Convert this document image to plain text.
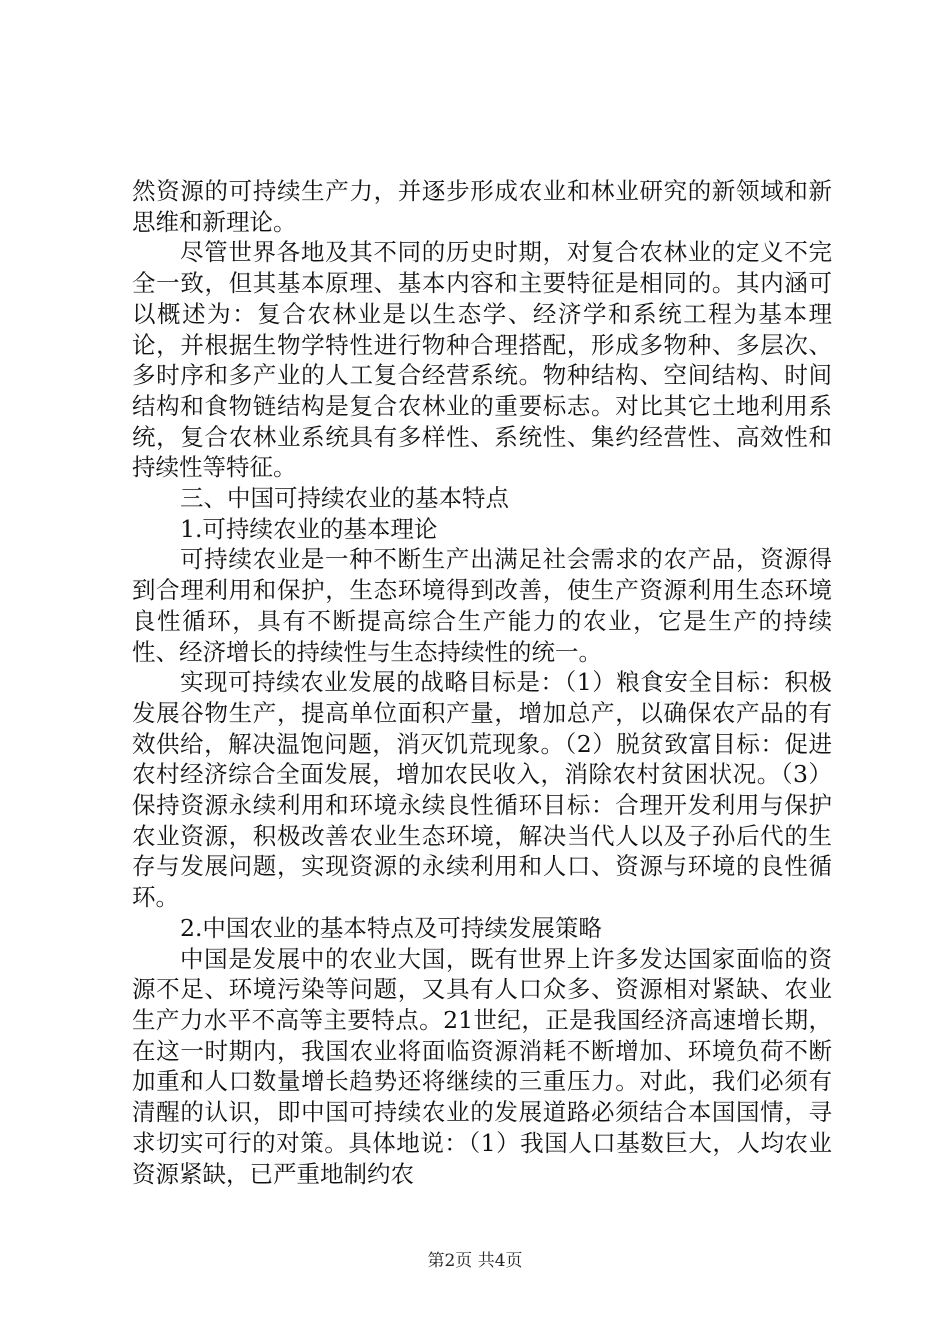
然资源的可持续生产力，并逐步形成农业和林业研究的新领域和新思维和新理论。

尽管世界各地及其不同的历史时期，对复合农林业的定义不完全一致，但其基本原理、基本内容和主要特征是相同的。其内涵可以概述为：复合农林业是以生态学、经济学和系统工程为基本理论，并根据生物学特性进行物种合理搭配，形成多物种、多层次、多时序和多产业的人工复合经营系统。物种结构、空间结构、时间结构和食物链结构是复合农林业的重要标志。对比其它土地利用系统，复合农林业系统具有多样性、系统性、集约经营性、高效性和持续性等特征。

三、中国可持续农业的基本特点

1.可持续农业的基本理论

可持续农业是一种不断生产出满足社会需求的农产品，资源得到合理利用和保护，生态环境得到改善，使生产资源利用生态环境良性循环，具有不断提高综合生产能力的农业，它是生产的持续性、经济增长的持续性与生态持续性的统一。

实现可持续农业发展的战略目标是：（1）粮食安全目标：积极发展谷物生产，提高单位面积产量，增加总产，以确保农产品的有效供给，解决温饱问题，消灭饥荒现象。（2）脱贫致富目标：促进农村经济综合全面发展，增加农民收入，消除农村贫困状况。（3）保持资源永续利用和环境永续良性循环目标：合理开发利用与保护农业资源，积极改善农业生态环境，解决当代人以及子孙后代的生存与发展问题，实现资源的永续利用和人口、资源与环境的良性循环。

2.中国农业的基本特点及可持续发展策略

中国是发展中的农业大国，既有世界上许多发达国家面临的资源不足、环境污染等问题，又具有人口众多、资源相对紧缺、农业生产力水平不高等主要特点。21世纪，正是我国经济高速增长期，在这一时期内，我国农业将面临资源消耗不断增加、环境负荷不断加重和人口数量增长趋势还将继续的三重压力。对此，我们必须有清醒的认识，即中国可持续农业的发展道路必须结合本国国情，寻求切实可行的对策。具体地说：（1）我国人口基数巨大，人均农业资源紧缺，已严重地制约农

第2页 共4页
